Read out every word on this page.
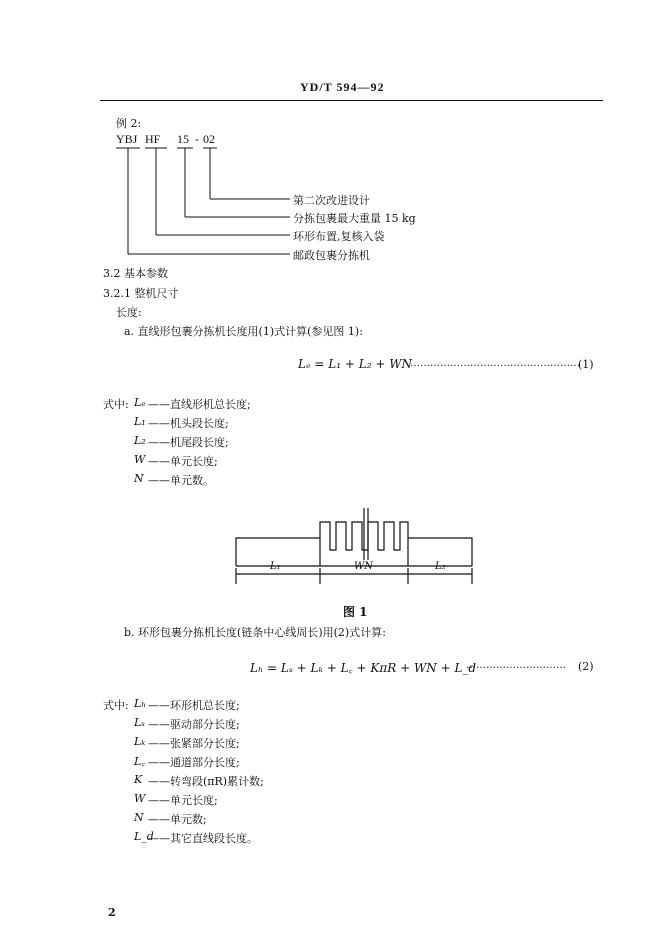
YD/T 594—92
例 2:
YBJ HF 15 - 02
第二次改进设计
分拣包裹最大重量 15 kg
环形布置,复核入袋
邮政包裹分拣机
3.2 基本参数
3.2.1 整机尺寸
长度:
a. 直线形包裹分拣机长度用(1)式计算(参见图 1):
Lₑ = L₁ + L₂ + WN
……………………………………………
(1)
式中: Lₑ ——直线形机总长度;
L₁ ——机头段长度;
L₂ ——机尾段长度;
W ——单元长度;
N ——单元数。
L₁	WN	L₂
图 1
b. 环形包裹分拣机长度(链条中心线周长)用(2)式计算:
Lₕ = Lₛ + Lₖ + L꜀ + KπR + WN + L_d
………………………… (2)
式中: Lₕ ——环形机总长度;
Lₛ ——驱动部分长度;
Lₖ ——张紧部分长度;
L꜀ ——通道部分长度;
K ——转弯段(πR)累计数;
W ——单元长度;
N ——单元数;
L_d
——其它直线段长度。
2
